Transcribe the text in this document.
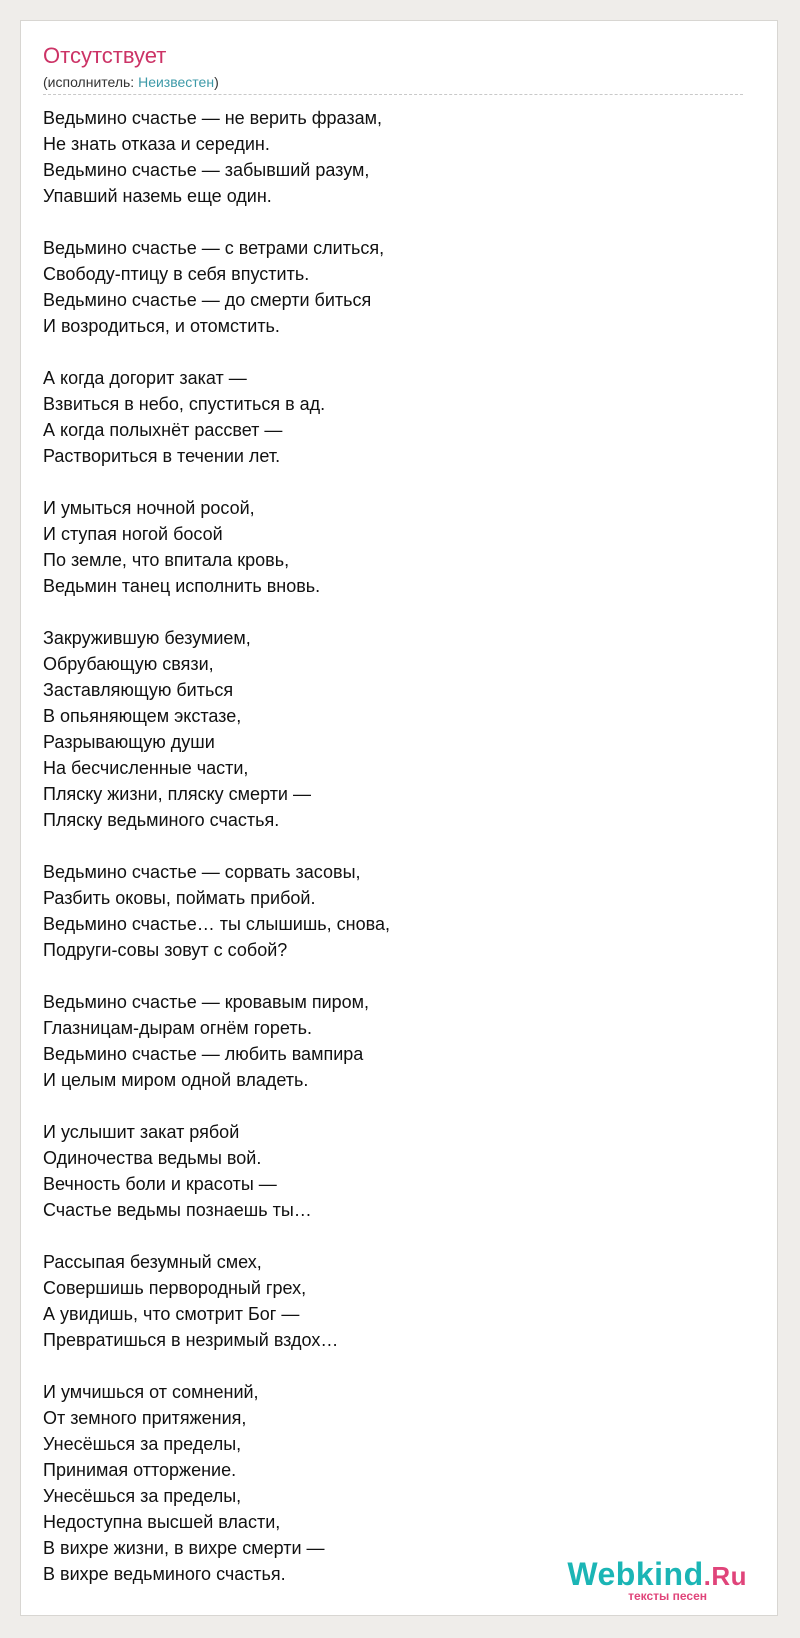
Отсутствует
(исполнитель: Неизвестен)
Ведьмино счастье — не верить фразам,
Не знать отказа и середин.
Ведьмино счастье — забывший разум,
Упавший наземь еще один.
Ведьмино счастье — с ветрами слиться,
Свободу-птицу в себя впустить.
Ведьмино счастье — до смерти биться
И возродиться, и отомстить.
А когда догорит закат —
Взвиться в небо, спуститься в ад.
А когда полыхнёт рассвет —
Раствориться в течении лет.
И умыться ночной росой,
И ступая ногой босой
По земле, что впитала кровь,
Ведьмин танец исполнить вновь.
Закружившую безумием,
Обрубающую связи,
Заставляющую биться
В опьяняющем экстазе,
Разрывающую души
На бесчисленные части,
Пляску жизни, пляску смерти —
Пляску ведьминого счастья.
Ведьмино счастье — сорвать засовы,
Разбить оковы, поймать прибой.
Ведьмино счастье… ты слышишь, снова,
Подруги-совы зовут с собой?
Ведьмино счастье — кровавым пиром,
Глазницам-дырам огнём гореть.
Ведьмино счастье — любить вампира
И целым миром одной владеть.
И услышит закат рябой
Одиночества ведьмы вой.
Вечность боли и красоты —
Счастье ведьмы познаешь ты…
Рассыпая безумный смех,
Совершишь первородный грех,
А увидишь, что смотрит Бог —
Превратишься в незримый вздох…
И умчишься от сомнений,
От земного притяжения,
Унесёшься за пределы,
Принимая отторжение.
Унесёшься за пределы,
Недоступна высшей власти,
В вихре жизни, в вихре смерти —
В вихре ведьминого счастья.	Webkind.Ru
тексты песен
